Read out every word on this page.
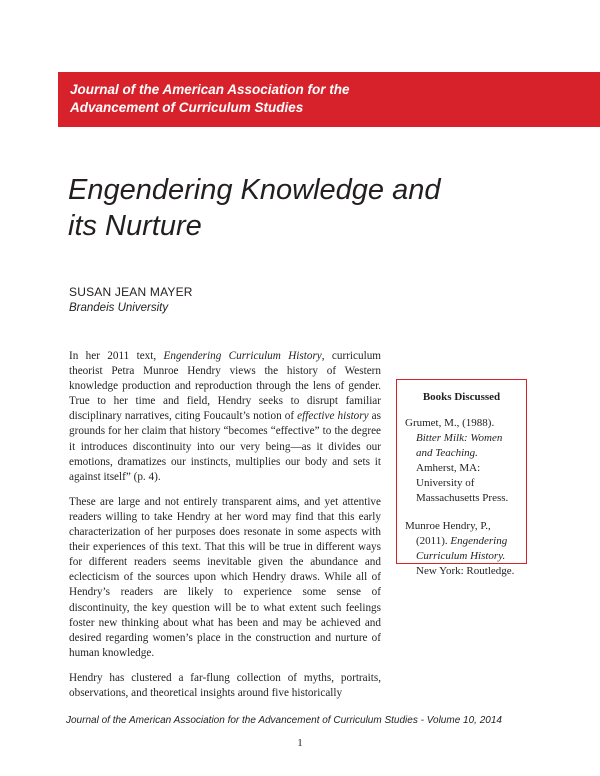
Journal of the American Association for the
Advancement of Curriculum Studies
Engendering Knowledge and
its Nurture
SUSAN JEAN MAYER
Brandeis University

In her 2011 text, Engendering Curriculum History, curriculum theorist Petra Munroe Hendry views the history of Western knowledge production and reproduction through the lens of gender. True to her time and field, Hendry seeks to disrupt familiar disciplinary narratives, citing Foucault’s notion of effective history as grounds for her claim that history “becomes “effective” to the degree it introduces discontinuity into our very being—as it divides our emotions, dramatizes our instincts, multiplies our body and sets it against itself” (p. 4).

These are large and not entirely transparent aims, and yet attentive readers willing to take Hendry at her word may find that this early characterization of her purposes does resonate in some aspects with their experiences of this text. That this will be true in different ways for different readers seems inevitable given the abundance and eclecticism of the sources upon which Hendry draws. While all of Hendry’s readers are likely to experience some sense of discontinuity, the key question will be to what extent such feelings foster new thinking about what has been and may be achieved and desired regarding women’s place in the construction and nurture of human knowledge.

Hendry has clustered a far-flung collection of myths, portraits, observations, and theoretical insights around five historically

Books Discussed
Grumet, M., (1988).
Bitter Milk: Women and Teaching. Amherst, MA: University of Massachusetts Press.
Munroe Hendry, P., (2011). Engendering Curriculum History. New York: Routledge.
Journal of the American Association for the Advancement of Curriculum Studies - Volume 10, 2014
1
